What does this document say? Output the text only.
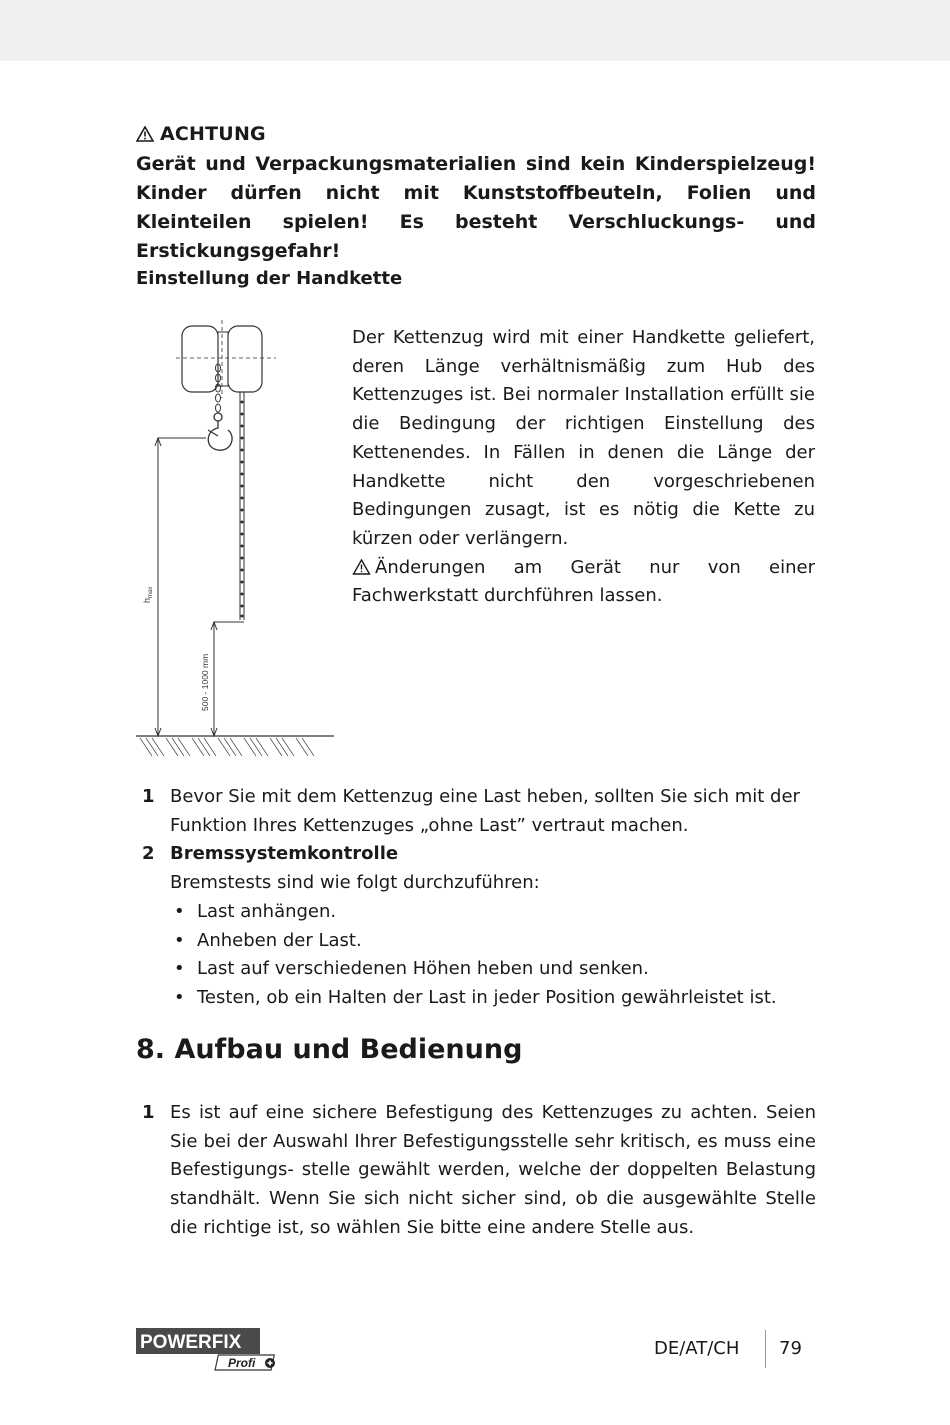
ACHTUNG
Gerät und Verpackungsmaterialien sind kein Kinderspielzeug! Kinder dürfen nicht mit Kunststoffbeuteln, Folien und Kleinteilen spielen! Es besteht Verschluckungs- und Erstickungsgefahr!
Einstellung der Handkette
$h_{max}$
500 - 1000 mm

Der Kettenzug wird mit einer Handkette geliefert, deren Länge verhältnismäßig zum Hub des Kettenzuges ist. Bei normaler Installation erfüllt sie die Bedingung der richtigen Einstellung des Kettenendes. In Fällen in denen die Länge der Handkette nicht den vorgeschriebenen Bedingungen zusagt, ist es nötig die Kette zu kürzen oder verlängern.

Änderungen am Gerät nur von einer Fachwerkstatt durchführen lassen.

1 Bevor Sie mit dem Kettenzug eine Last heben, sollten Sie sich mit der Funktion Ihres Kettenzuges „ohne Last” vertraut machen.
2 Bremssystemkontrolle
Bremstests sind wie folgt durchzuführen:
• Last anhängen.
• Anheben der Last.
• Last auf verschiedenen Höhen heben und senken.
• Testen, ob ein Halten der Last in jeder Position gewährleistet ist.
8. Aufbau und Bedienung
1 Es ist auf eine sichere Befestigung des Kettenzuges zu achten. Seien Sie bei der Auswahl Ihrer Befestigungsstelle sehr kritisch, es muss eine Befestigungs- stelle gewählt werden, welche der doppelten Belastung standhält. Wenn Sie sich nicht sicher sind, ob die ausgewählte Stelle die richtige ist, so wählen Sie bitte eine andere Stelle aus.
POWERFIX
Profi
DE/AT/CH 79
